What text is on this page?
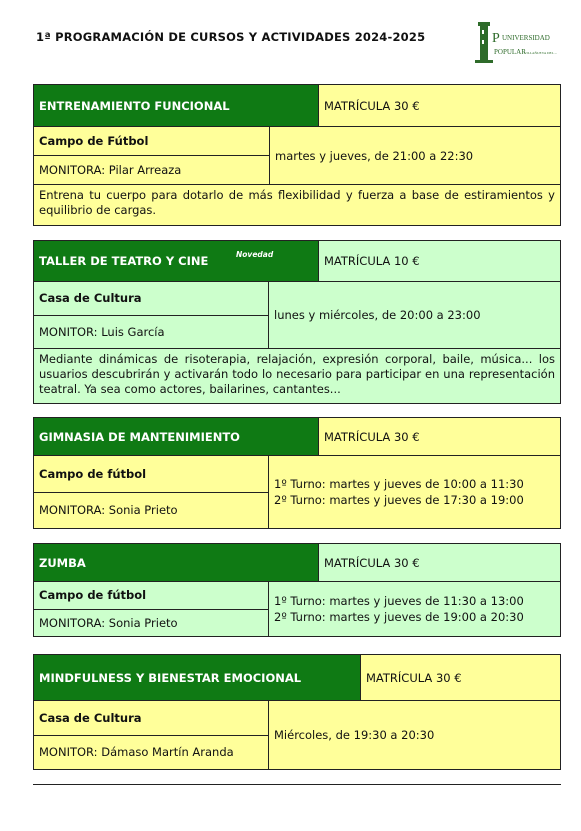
1ª PROGRAMACIÓN DE CURSOS Y ACTIVIDADES 2024-2025	P UNIVERSIDAD
POPULAR
VILLAÑUEVA DEL ...
ENTRENAMIENTO FUNCIONAL	MATRÍCULA 30 €
Campo de Fútbol
MONITORA: Pilar Arreaza
martes y jueves, de 21:00 a 22:30
Entrena tu cuerpo para dotarlo de más flexibilidad y fuerza a base de estiramientos y equilibrio de cargas.
TALLER DE TEATRO Y CINE	Novedad	MATRÍCULA 10 €
Casa de Cultura
MONITOR: Luis García
lunes y miércoles, de 20:00 a 23:00
Mediante dinámicas de risoterapia, relajación, expresión corporal, baile, música... los usuarios descubrirán y activarán todo lo necesario para participar en una representación teatral. Ya sea como actores, bailarines, cantantes...
GIMNASIA DE MANTENIMIENTO	MATRÍCULA 30 €
Campo de fútbol
MONITORA: Sonia Prieto
1º Turno: martes y jueves de 10:00 a 11:30
2º Turno: martes y jueves de 17:30 a 19:00
ZUMBA	MATRÍCULA 30 €
Campo de fútbol
MONITORA: Sonia Prieto
1º Turno: martes y jueves de 11:30 a 13:00
2º Turno: martes y jueves de 19:00 a 20:30
MINDFULNESS Y BIENESTAR EMOCIONAL	MATRÍCULA 30 €
Casa de Cultura
MONITOR: Dámaso Martín Aranda
Miércoles, de 19:30 a 20:30
